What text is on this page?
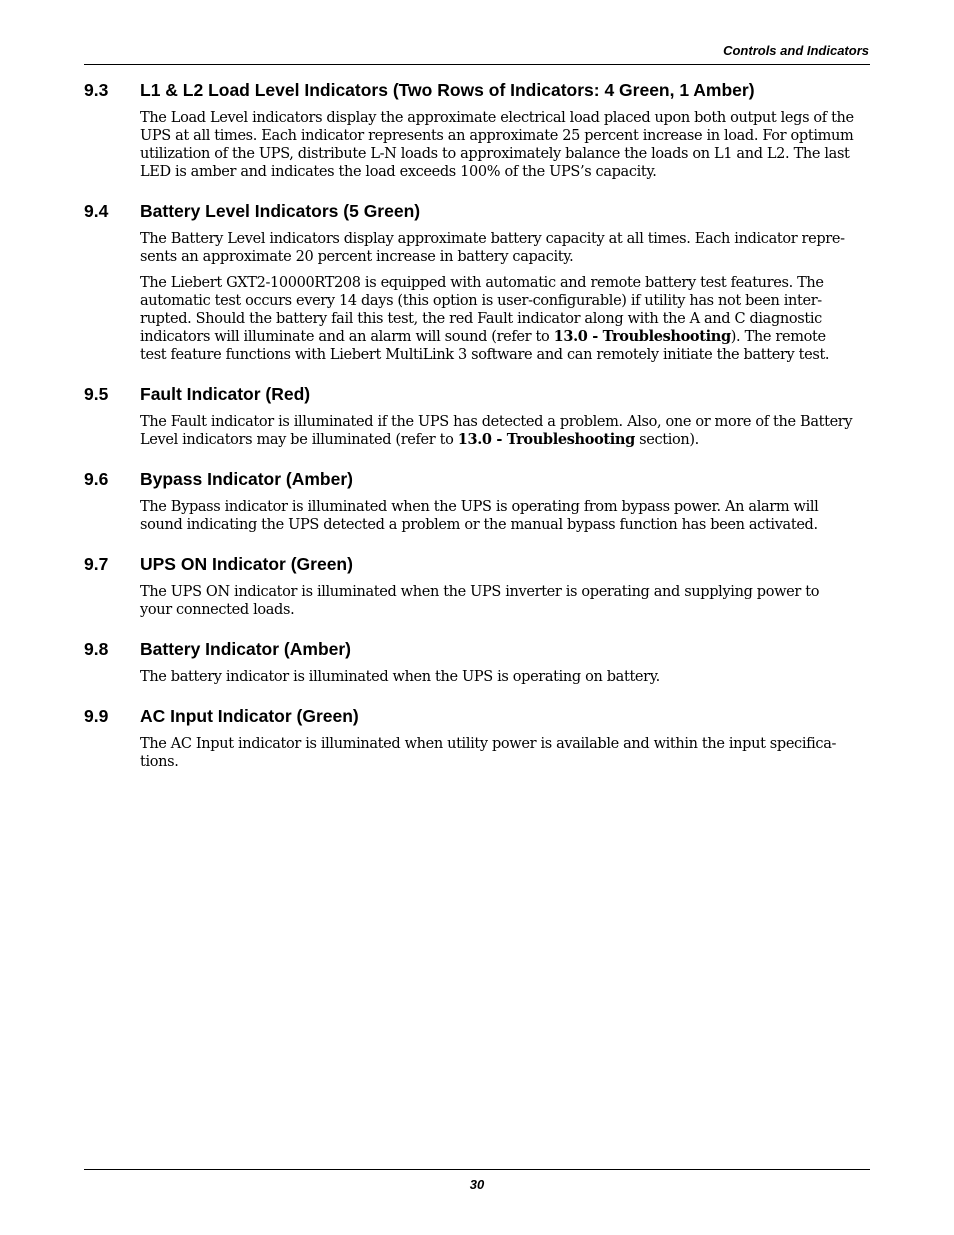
Controls and Indicators
9.3	L1 & L2 Load Level Indicators (Two Rows of Indicators: 4 Green, 1 Amber)

The Load Level indicators display the approximate electrical load placed upon both output legs of the
UPS at all times. Each indicator represents an approximate 25 percent increase in load. For optimum
utilization of the UPS, distribute L-N loads to approximately balance the loads on L1 and L2. The last
LED is amber and indicates the load exceeds 100% of the UPS’s capacity.

9.4	Battery Level Indicators (5 Green)

The Battery Level indicators display approximate battery capacity at all times. Each indicator repre-
sents an approximate 20 percent increase in battery capacity.

The Liebert GXT2-10000RT208 is equipped with automatic and remote battery test features. The
automatic test occurs every 14 days (this option is user-configurable) if utility has not been inter-
rupted. Should the battery fail this test, the red Fault indicator along with the A and C diagnostic
indicators will illuminate and an alarm will sound (refer to 13.0 - Troubleshooting). The remote
test feature functions with Liebert MultiLink 3 software and can remotely initiate the battery test.

9.5	Fault Indicator (Red)

The Fault indicator is illuminated if the UPS has detected a problem. Also, one or more of the Battery
Level indicators may be illuminated (refer to 13.0 - Troubleshooting section).

9.6	Bypass Indicator (Amber)

The Bypass indicator is illuminated when the UPS is operating from bypass power. An alarm will
sound indicating the UPS detected a problem or the manual bypass function has been activated.

9.7	UPS ON Indicator (Green)

The UPS ON indicator is illuminated when the UPS inverter is operating and supplying power to
your connected loads.

9.8	Battery Indicator (Amber)

The battery indicator is illuminated when the UPS is operating on battery.

9.9	AC Input Indicator (Green)

The AC Input indicator is illuminated when utility power is available and within the input specifica-
tions.

30
